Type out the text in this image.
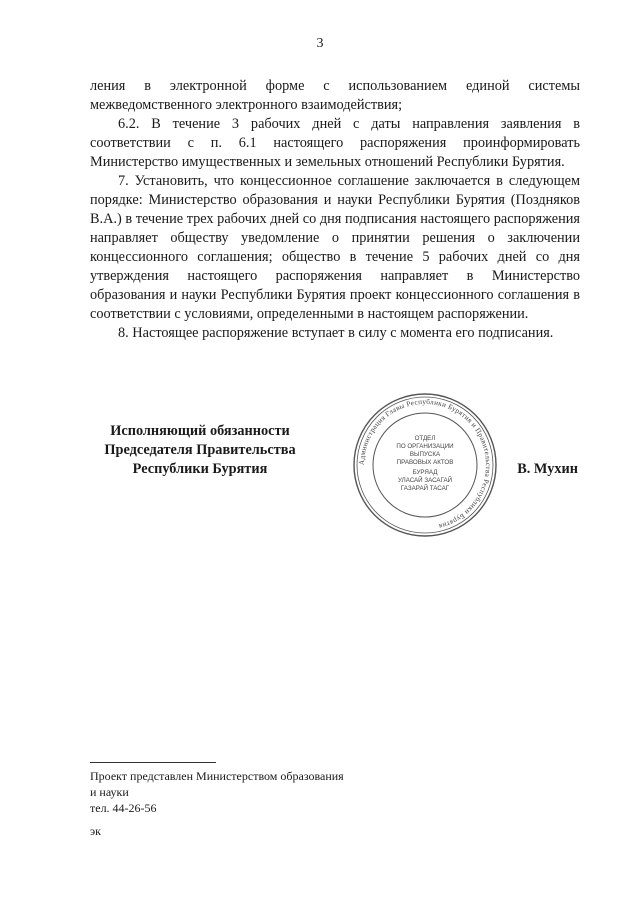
3

ления в электронной форме с использованием единой системы межведомственного электронного взаимодействия;

6.2. В течение 3 рабочих дней с даты направления заявления в соответствии с п. 6.1 настоящего распоряжения проинформировать Министерство имущественных и земельных отношений Республики Бурятия.

7. Установить, что концессионное соглашение заключается в следующем порядке: Министерство образования и науки Республики Бурятия (Поздняков В.А.) в течение трех рабочих дней со дня подписания настоящего распоряжения направляет обществу уведомление о принятии решения о заключении концессионного соглашения; общество в течение 5 рабочих дней со дня утверждения настоящего распоряжения направляет в Министерство образования и науки Республики Бурятия проект концессионного соглашения в соответствии с условиями, определенными в настоящем распоряжении.

8. Настоящее распоряжение вступает в силу с момента его подписания.

Исполняющий обязанности
Председателя Правительства
Республики Бурятия	Администрация Главы Республики Бурятия и Правительства Республики Бурятия
ОТДЕЛ
ПО ОРГАНИЗАЦИИ
ВЫПУСКА
ПРАВОВЫХ АКТОВ
БУРЯАД
УЛАСАЙ ЗАСАГАЙ
ГАЗАРАЙ ТАСАГ
В. Мухин
Проект представлен Министерством образования
и науки
тел. 44-26-56
эк
